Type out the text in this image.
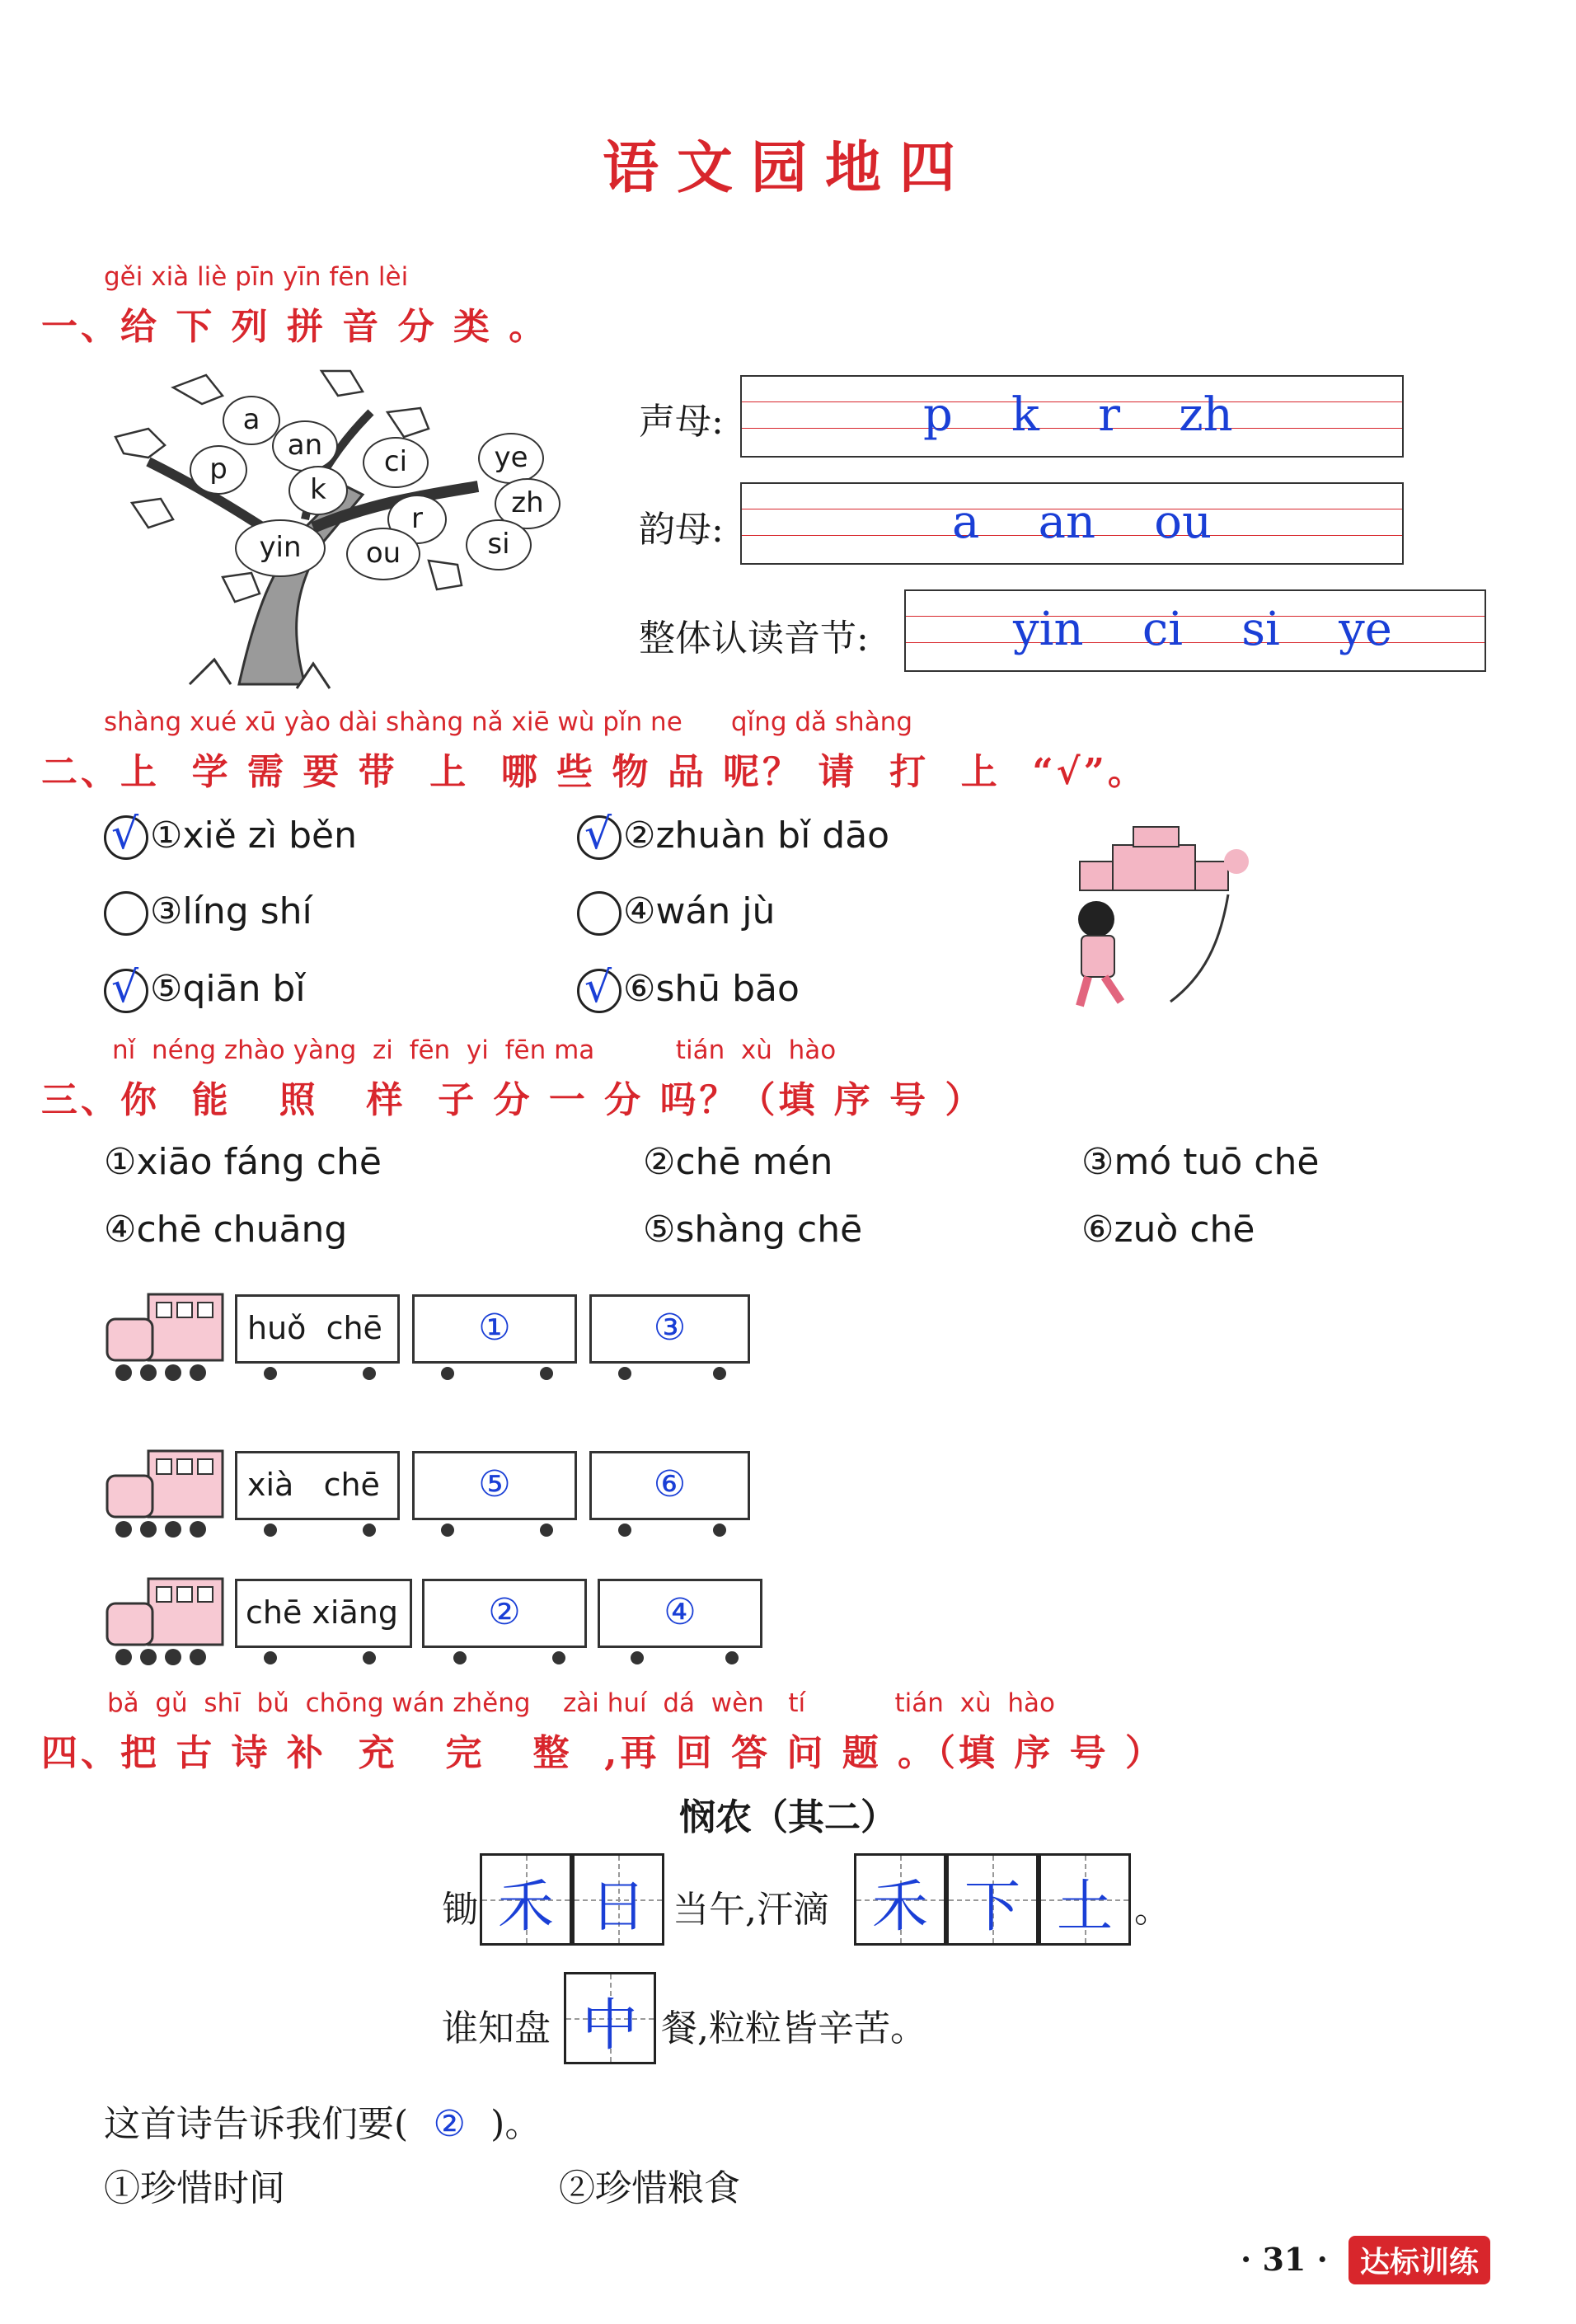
语文园地四
gěi xià liè pīn yīn fēn lèi
一、给 下 列 拼 音 分 类 。
a
an
p
k
ci	ye
zh
r
si
yin	ou
声母:	p    k    r    zh
韵母:	a    an    ou
整体认读音节:	yin    ci    si    ye
shàng xué xū yào dài shàng nǎ xiē wù pǐn ne      qǐng dǎ shàng
二、上  学 需 要 带  上  哪 些 物 品 呢？ 请  打  上  “√”。
√ ①xiě zì běn	√ ②zhuàn bǐ dāo
③líng shí	④wán jù
√ ⑤qiān bǐ	√ ⑥shū bāo
nǐ  néng zhào yàng  zi  fēn  yi  fēn ma          tián  xù  hào
三、你  能   照   样  子 分 一 分 吗？（填 序 号 ）
①xiāo fáng chē	②chē mén	③mó tuō chē
④chē chuāng	⑤shàng chē	⑥zuò chē
huǒ  chē	①	③
xià   chē	⑤	⑥
chē xiāng	②	④
bǎ  gǔ  shī  bǔ  chōng wán zhěng    zài huí  dá  wèn   tí           tián  xù  hào
四、把 古 诗 补  充   完   整  ,再 回 答 问 题 。（填 序 号 ）
悯农（其二）
锄 禾 日 当午,汗滴 禾 下 土 。
谁知盘 中 餐,粒粒皆辛苦。
这首诗告诉我们要( ② )。
①珍惜时间	②珍惜粮食
· 31 ·	达标训练
